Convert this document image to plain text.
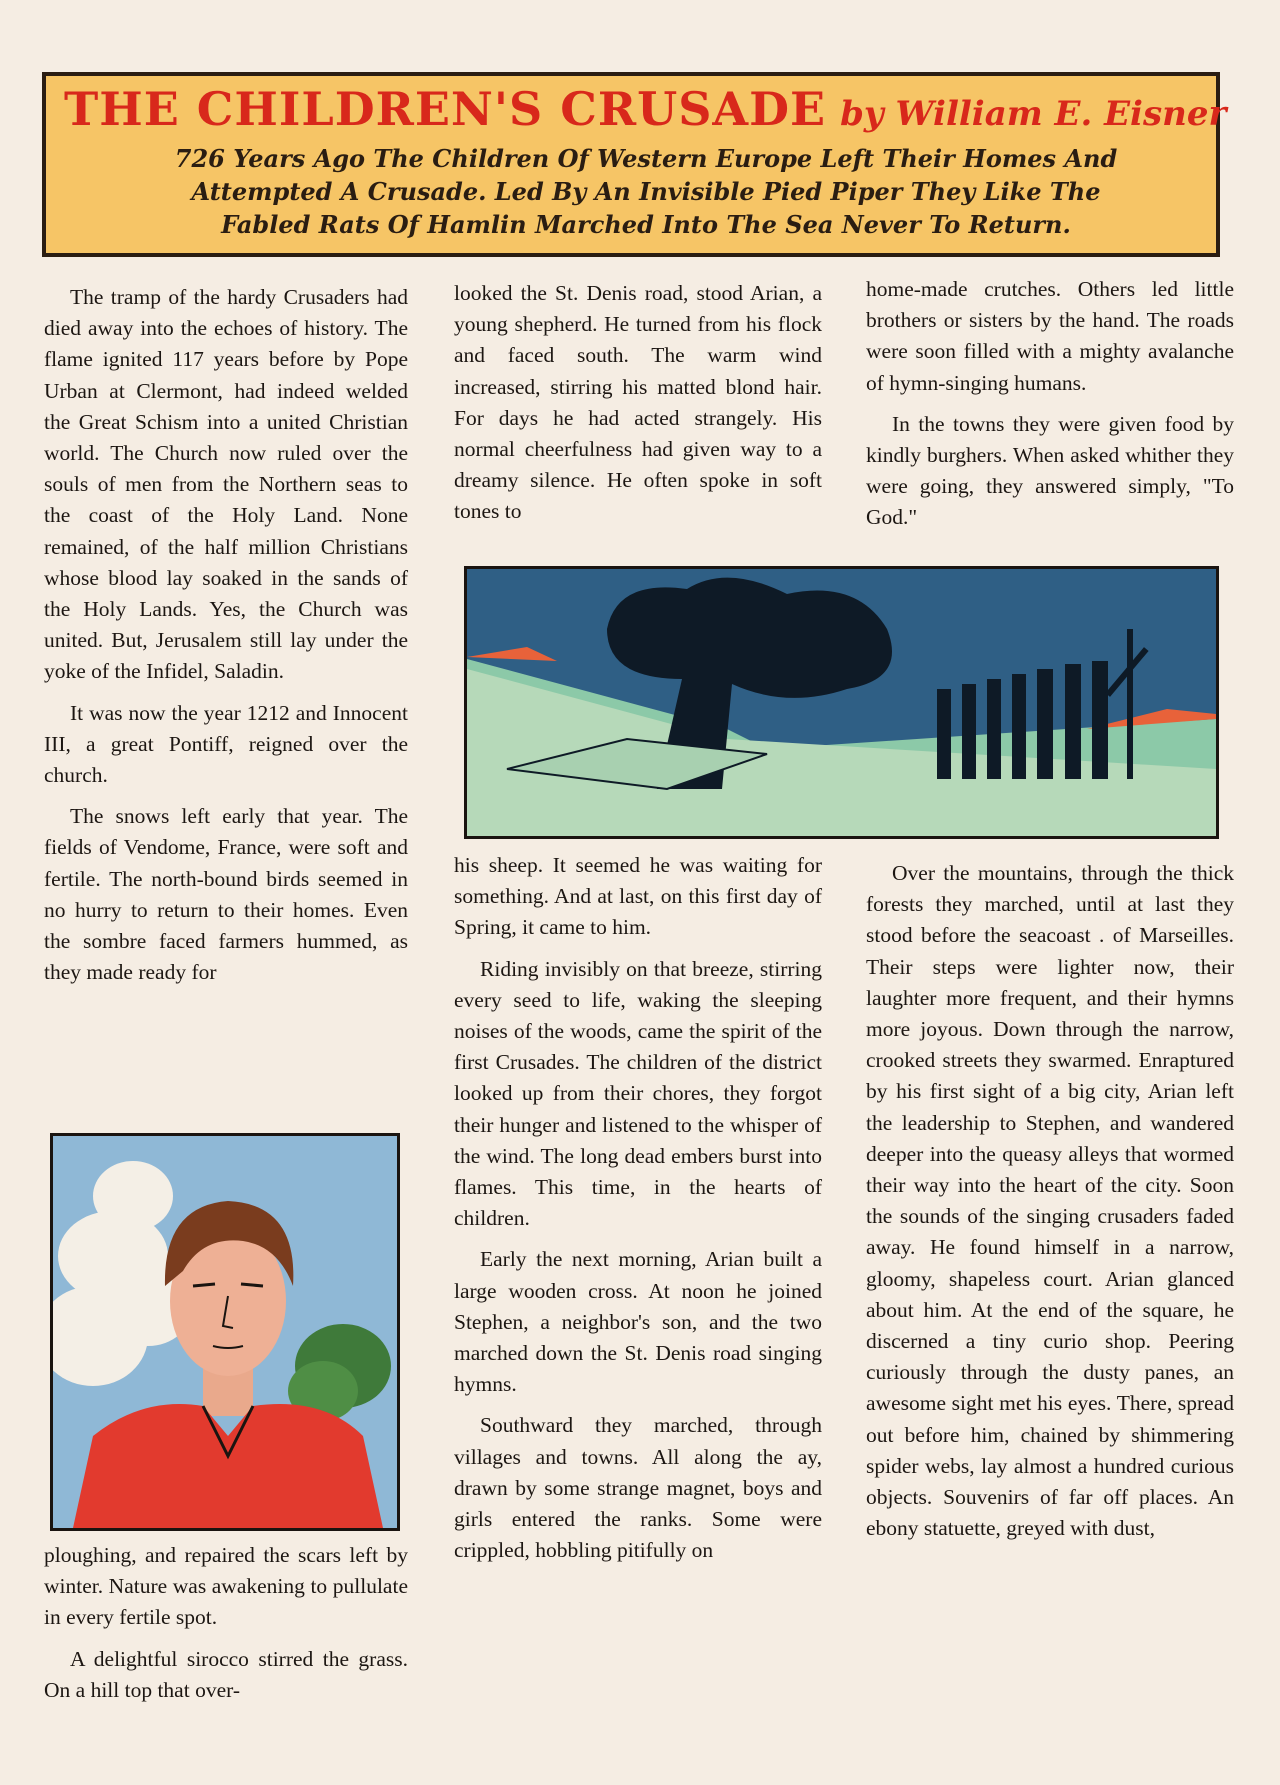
THE CHILDREN'S CRUSADE by William E. Eisner
726 Years Ago The Children Of Western Europe Left Their Homes And Attempted A Crusade. Led By An Invisible Pied Piper They Like The Fabled Rats Of Hamlin Marched Into The Sea Never To Return.

The tramp of the hardy Crusaders had died away into the echoes of history. The flame ignited 117 years before by Pope Urban at Clermont, had indeed welded the Great Schism into a united Christian world. The Church now ruled over the souls of men from the Northern seas to the coast of the Holy Land. None remained, of the half million Christians whose blood lay soaked in the sands of the Holy Lands. Yes, the Church was united. But, Jerusalem still lay under the yoke of the Infidel, Saladin.

It was now the year 1212 and Innocent III, a great Pontiff, reigned over the church.

The snows left early that year. The fields of Vendome, France, were soft and fertile. The north-bound birds seemed in no hurry to return to their homes. Even the sombre faced farmers hummed, as they made ready for

ploughing, and repaired the scars left by winter. Nature was awakening to pullulate in every fertile spot.

A delightful sirocco stirred the grass. On a hill top that over-

looked the St. Denis road, stood Arian, a young shepherd. He turned from his flock and faced south. The warm wind increased, stirring his matted blond hair. For days he had acted strangely. His normal cheerfulness had given way to a dreamy silence. He often spoke in soft tones to

his sheep. It seemed he was waiting for something. And at last, on this first day of Spring, it came to him.

Riding invisibly on that breeze, stirring every seed to life, waking the sleeping noises of the woods, came the spirit of the first Crusades. The children of the district looked up from their chores, they forgot their hunger and listened to the whisper of the wind. The long dead embers burst into flames. This time, in the hearts of children.

Early the next morning, Arian built a large wooden cross. At noon he joined Stephen, a neighbor's son, and the two marched down the St. Denis road singing hymns.

Southward they marched, through villages and towns. All along the ay, drawn by some strange magnet, boys and girls entered the ranks. Some were crippled, hobbling pitifully on

home-made crutches. Others led little brothers or sisters by the hand. The roads were soon filled with a mighty avalanche of hymn-singing humans.

In the towns they were given food by kindly burghers. When asked whither they were going, they answered simply, "To God."

Over the mountains, through the thick forests they marched, until at last they stood before the seacoast . of Marseilles. Their steps were lighter now, their laughter more frequent, and their hymns more joyous. Down through the narrow, crooked streets they swarmed. Enraptured by his first sight of a big city, Arian left the leadership to Stephen, and wandered deeper into the queasy alleys that wormed their way into the heart of the city. Soon the sounds of the singing crusaders faded away. He found himself in a narrow, gloomy, shapeless court. Arian glanced about him. At the end of the square, he discerned a tiny curio shop. Peering curiously through the dusty panes, an awesome sight met his eyes. There, spread out before him, chained by shimmering spider webs, lay almost a hundred curious objects. Souvenirs of far off places. An ebony statuette, greyed with dust,
